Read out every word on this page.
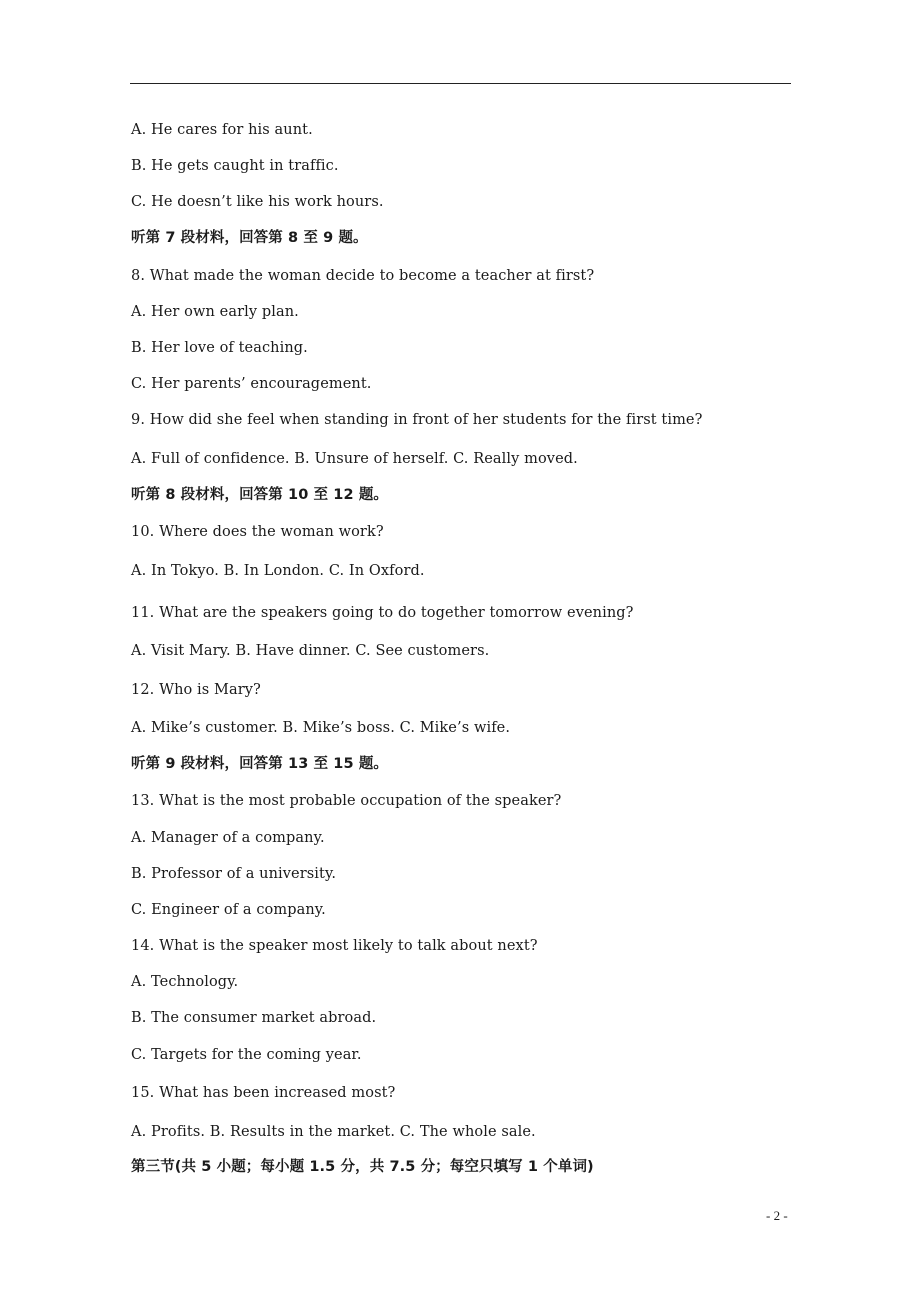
A. He cares for his aunt.
B. He gets caught in traffic.
C. He doesn’t like his work hours.
听第 7 段材料，回答第 8 至 9 题。
8. What made the woman decide to become a teacher at first?
A. Her own early plan.
B. Her love of teaching.
C. Her parents’ encouragement.
9. How did she feel when standing in front of her students for the first time?
A. Full of confidence. B. Unsure of herself. C. Really moved.
听第 8 段材料，回答第 10 至 12 题。
10. Where does the woman work?
A. In Tokyo. B. In London. C. In Oxford.
11. What are the speakers going to do together tomorrow evening?
A. Visit Mary. B. Have dinner. C. See customers.
12. Who is Mary?
A. Mike’s customer. B. Mike’s boss. C. Mike’s wife.
听第 9 段材料，回答第 13 至 15 题。
13. What is the most probable occupation of the speaker?
A. Manager of a company.
B. Professor of a university.
C. Engineer of a company.
14. What is the speaker most likely to talk about next?
A. Technology.
B. The consumer market abroad.
C. Targets for the coming year.
15. What has been increased most?
A. Profits. B. Results in the market. C. The whole sale.
第三节(共 5 小题；每小题 1.5 分，共 7.5 分；每空只填写 1 个单词)
- 2 -
